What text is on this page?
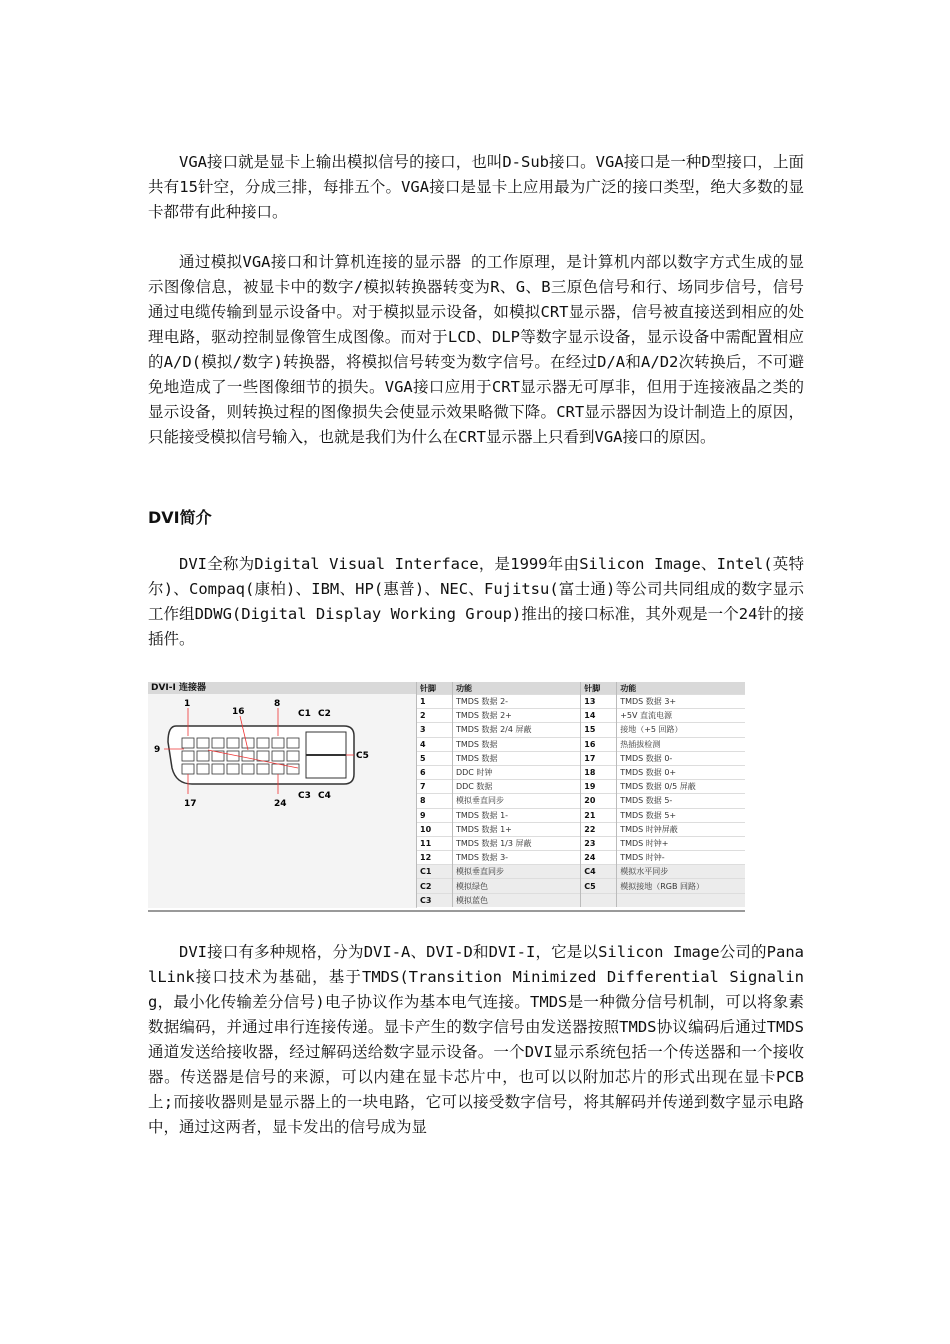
VGA接口就是显卡上输出模拟信号的接口，也叫D-Sub接口。VGA接口是一种D型接口，上面共有15针空，分成三排，每排五个。VGA接口是显卡上应用最为广泛的接口类型，绝大多数的显卡都带有此种接口。

通过模拟VGA接口和计算机连接的显示器 的工作原理，是计算机内部以数字方式生成的显示图像信息，被显卡中的数字/模拟转换器转变为R、G、B三原色信号和行、场同步信号，信号通过电缆传输到显示设备中。对于模拟显示设备，如模拟CRT显示器，信号被直接送到相应的处理电路，驱动控制显像管生成图像。而对于LCD、DLP等数字显示设备，显示设备中需配置相应的A/D(模拟/数字)转换器，将模拟信号转变为数字信号。在经过D/A和A/D2次转换后，不可避免地造成了一些图像细节的损失。VGA接口应用于CRT显示器无可厚非，但用于连接液晶之类的显示设备，则转换过程的图像损失会使显示效果略微下降。CRT显示器因为设计制造上的原因，只能接受模拟信号输入，也就是我们为什么在CRT显示器上只看到VGA接口的原因。

DVI简介

DVI全称为Digital Visual Interface，是1999年由Silicon Image、Intel(英特尔)、Compaq(康柏)、IBM、HP(惠普)、NEC、Fujitsu(富士通)等公司共同组成的数字显示工作组DDWG(Digital Display Working Group)推出的接口标准，其外观是一个24针的接插件。

DVI-I 连接器
1	8
16
9
17	24
C1 C2
C3 C4
C5
针脚	功能	针脚	功能
1	TMDS 数据 2-	13	TMDS 数据 3+
2	TMDS 数据 2+	14	+5V 直流电源
3	TMDS 数据 2/4 屏蔽	15	接地（+5 回路）
4	TMDS 数据	16	热插拔检测
5	TMDS 数据	17	TMDS 数据 0-
6	DDC 时钟	18	TMDS 数据 0+
7	DDC 数据	19	TMDS 数据 0/5 屏蔽
8	模拟垂直同步	20	TMDS 数据 5-
9	TMDS 数据 1-	21	TMDS 数据 5+
10	TMDS 数据 1+	22	TMDS 时钟屏蔽
11	TMDS 数据 1/3 屏蔽	23	TMDS 时钟+
12	TMDS 数据 3-	24	TMDS 时钟-
C1	模拟垂直同步	C4	模拟水平同步
C2	模拟绿色	C5	模拟接地（RGB 回路）
C3	模拟蓝色		

DVI接口有多种规格，分为DVI-A、DVI-D和DVI-I，它是以Silicon Image公司的PanalLink接口技术为基础，基于TMDS(Transition Minimized Differential Signaling，最小化传输差分信号)电子协议作为基本电气连接。TMDS是一种微分信号机制，可以将象素数据编码，并通过串行连接传递。显卡产生的数字信号由发送器按照TMDS协议编码后通过TMDS通道发送给接收器，经过解码送给数字显示设备。一个DVI显示系统包括一个传送器和一个接收器。传送器是信号的来源，可以内建在显卡芯片中，也可以以附加芯片的形式出现在显卡PCB上;而接收器则是显示器上的一块电路，它可以接受数字信号，将其解码并传递到数字显示电路中，通过这两者，显卡发出的信号成为显
